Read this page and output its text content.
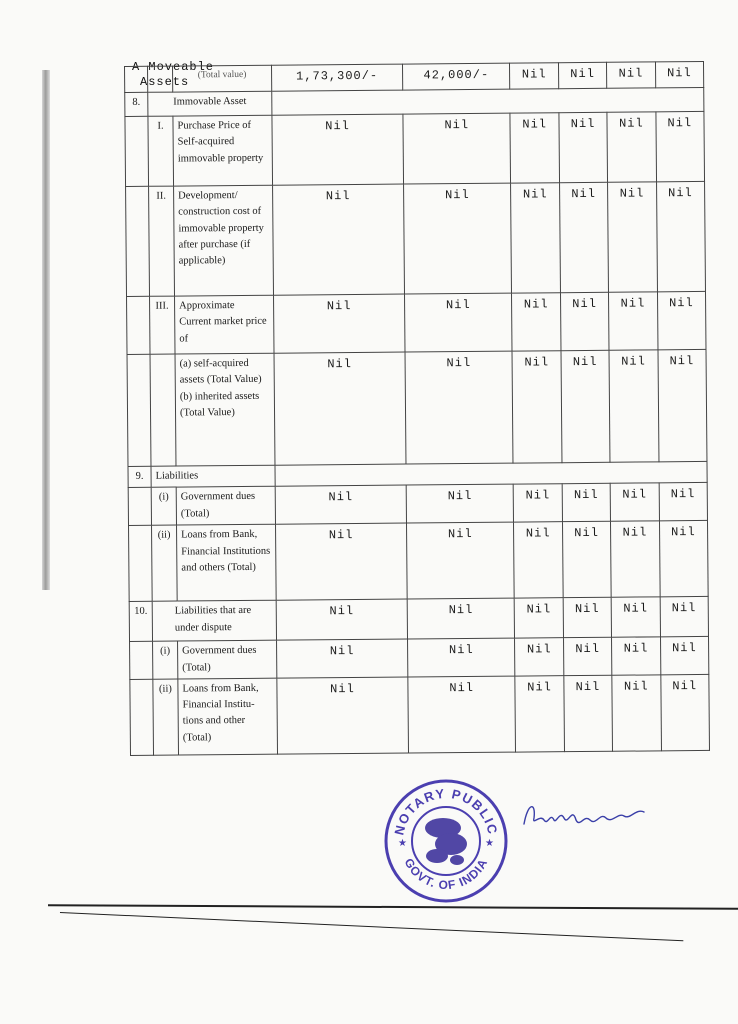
A Moveable
Assets
		(Total value)	1,73,300/-	42,000/-	Nil	Nil	Nil	Nil
8.	Immovable Asset							
	I.	Purchase Price of Self-acquired immovable property	Nil	Nil	Nil	Nil	Nil	Nil
	II.	Development/ construction cost of immovable property after purchase (if applicable)	Nil	Nil	Nil	Nil	Nil	Nil
	III.	Approximate Current market price of	Nil	Nil	Nil	Nil	Nil	Nil
		(a) self-acquired assets (Total Value) (b) inherited assets (Total Value)	Nil	Nil	Nil	Nil	Nil	Nil
9.	Liabilities							
	(i)	Government dues (Total)	Nil	Nil	Nil	Nil	Nil	Nil
	(ii)	Loans from Bank, Financial Institutions and others (Total)	Nil	Nil	Nil	Nil	Nil	Nil
10.	Liabilities that are under dispute		Nil	Nil	Nil	Nil	Nil	Nil
	(i)	Government dues (Total)	Nil	Nil	Nil	Nil	Nil	Nil
	(ii)	Loans from Bank, Financial Institu-tions and other (Total)	Nil	Nil	Nil	Nil	Nil	Nil
NOTARY PUBLIC
GOVT. OF INDIA
★	★
